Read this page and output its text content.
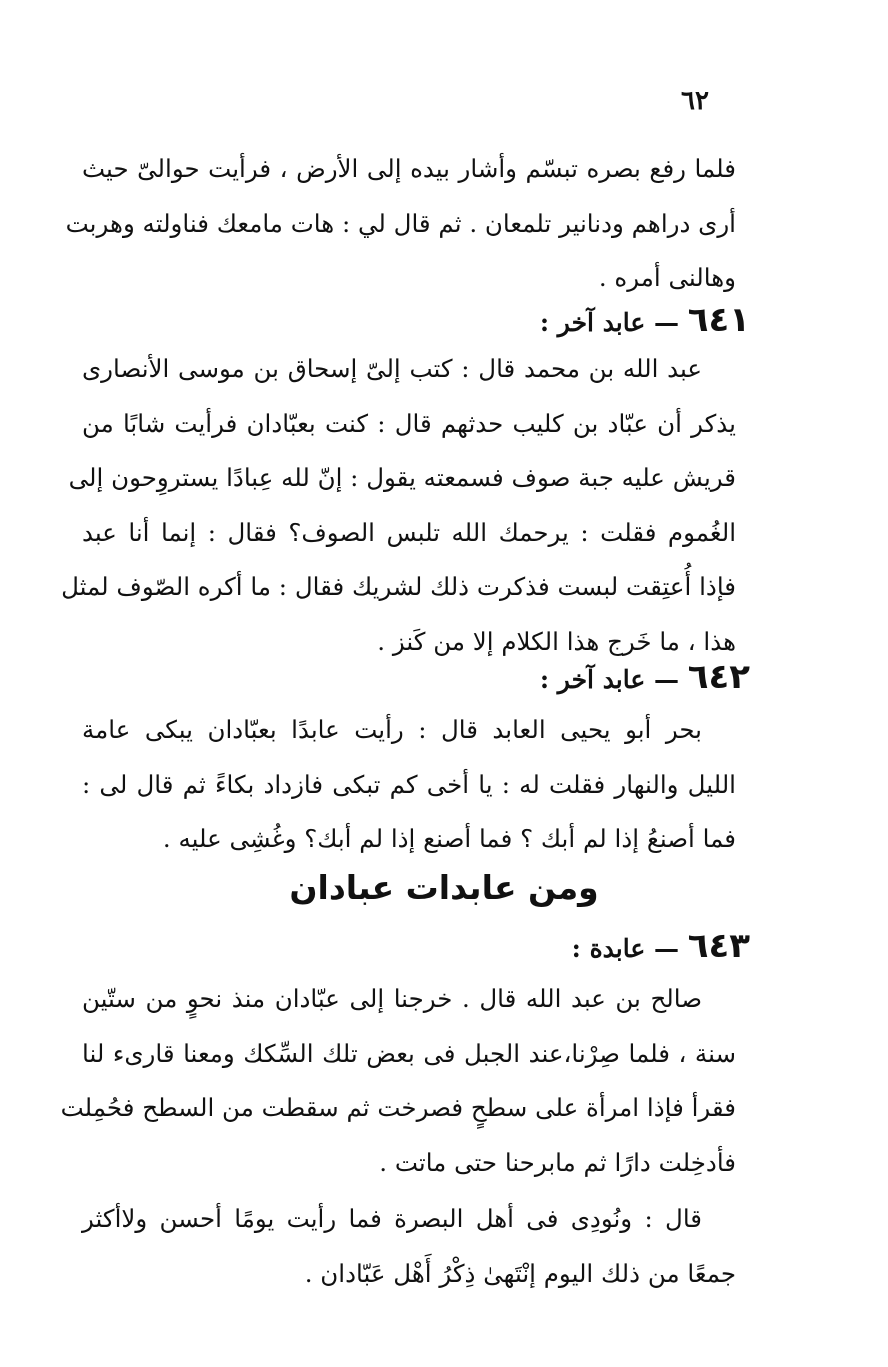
٦٢
فلما رفع بصره تبسّم وأشار بيده إلى الأرض ، فرأيت حوالىّ حيث
أرى دراهم ودنانير تلمعان . ثم قال لي : هات مامعك فناولته وهربت
وهالنى أمره .
٦٤١ — عابد آخر :
عبد الله بن محمد قال : كتب إلىّ إسحاق بن موسى الأنصارى
يذكر أن عبّاد بن كليب حدثهم قال : كنت بعبّادان فرأيت شابًا من
قريش عليه جبة صوف فسمعته يقول : إنّ لله عِبادًا يستروِحون إلى
الغُموم فقلت : يرحمك الله تلبس الصوف؟ فقال : إنما أنا عبد
فإذا أُعتِقت لبست فذكرت ذلك لشريك فقال : ما أكره الصّوف لمثل
هذا ، ما خَرج هذا الكلام إلا من كَنز .
٦٤٢ — عابد آخر :
بحر أبو يحيى العابد قال : رأيت عابدًا بعبّادان يبكى عامة
الليل والنهار فقلت له : يا أخى كم تبكى فازداد بكاءً ثم قال لى :
فما أصنعُ إذا لم أبك ؟ فما أصنع إذا لم أبك؟ وغُشِى عليه .
ومن عابدات عبادان
٦٤٣ — عابدة :
صالح بن عبد الله قال . خرجنا إلى عبّادان منذ نحوٍ من ستّين
سنة ، فلما صِرْنا،عند الجبل فى بعض تلك السِّكك ومعنا قارىء لنا
فقرأ فإذا امرأة على سطحٍ فصرخت ثم سقطت من السطح فحُمِلت
فأدخِلت دارًا ثم مابرحنا حتى ماتت .
قال : ونُودِى فى أهل البصرة فما رأيت يومًا أحسن ولاأكثر
جمعًا من ذلك اليوم إنْتَهىٰ ذِكْرُ أَهْل عَبّادان .
